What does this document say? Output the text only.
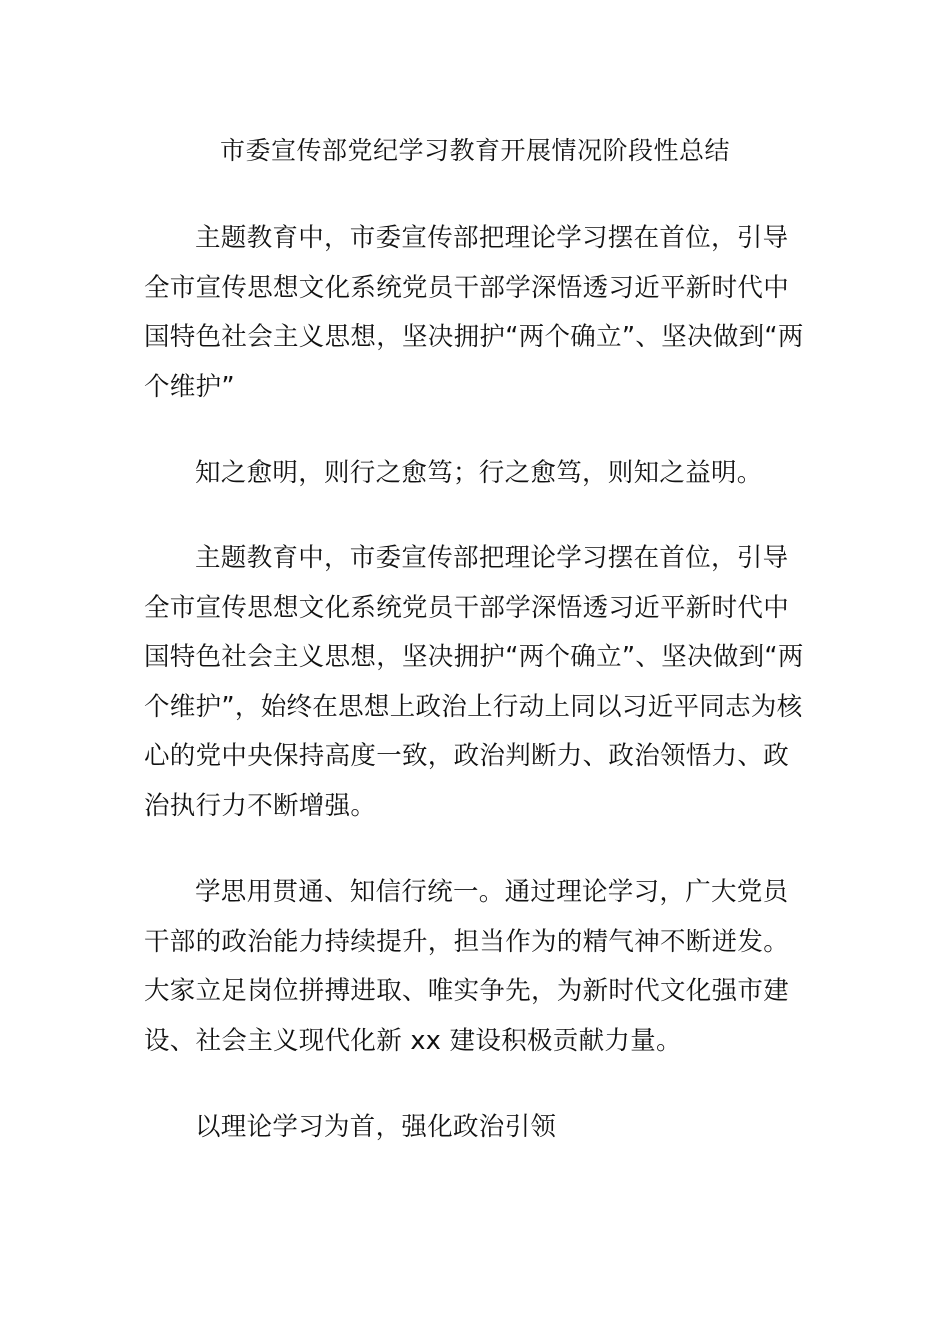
市委宣传部党纪学习教育开展情况阶段性总结
主题教育中，市委宣传部把理论学习摆在首位，引导
全市宣传思想文化系统党员干部学深悟透习近平新时代中
国特色社会主义思想，坚决拥护“两个确立”、坚决做到“两
个维护”
知之愈明，则行之愈笃；行之愈笃，则知之益明。
主题教育中，市委宣传部把理论学习摆在首位，引导
全市宣传思想文化系统党员干部学深悟透习近平新时代中
国特色社会主义思想，坚决拥护“两个确立”、坚决做到“两
个维护”，始终在思想上政治上行动上同以习近平同志为核
心的党中央保持高度一致，政治判断力、政治领悟力、政
治执行力不断增强。
学思用贯通、知信行统一。通过理论学习，广大党员
干部的政治能力持续提升，担当作为的精气神不断迸发。
大家立足岗位拼搏进取、唯实争先，为新时代文化强市建
设、社会主义现代化新 xx 建设积极贡献力量。
以理论学习为首，强化政治引领
